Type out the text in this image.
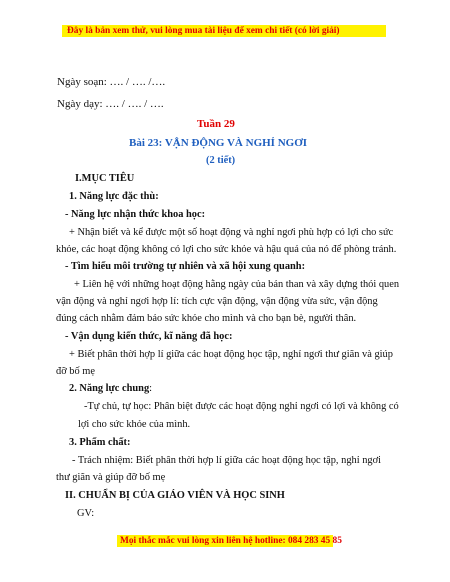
Đây là bản xem thử, vui lòng mua tài liệu để xem chi tiết (có lời giải)
Ngày soạn: …. / …. /….
Ngày dạy: …. / …. / ….
Tuần 29
Bài 23: VẬN ĐỘNG VÀ NGHỈ NGƠI
(2 tiết)
I.MỤC TIÊU
1. Năng lực đặc thù:
- Năng lực nhận thức khoa học:
+ Nhận biết và kể được một số hoạt động và nghỉ ngơi phù hợp có lợi cho sức
khỏe, các hoạt động không có lợi cho sức khỏe và hậu quả của nó để phòng tránh.
- Tìm hiểu môi trường tự nhiên và xã hội xung quanh:
+ Liên hệ với những hoạt động hằng ngày của bản than và xây dựng thói quen
vận động và nghỉ ngơi hợp lí: tích cực vận động, vận động vừa sức, vận động
đúng cách nhằm đảm bảo sức khỏe cho mình và cho bạn bè, người thân.
- Vận dụng kiến thức, kĩ năng đã học:
+ Biết phân thời hợp lí giữa các hoạt động học tập, nghỉ ngơi thư giãn và giúp
đỡ bố mẹ
2. Năng lực chung:
-Tự chủ, tự học: Phân biệt được các hoạt động nghỉ ngơi có lợi và không có
lợi cho sức khỏe của mình.
3. Phẩm chất:
- Trách nhiệm: Biết phân thời hợp lí giữa các hoạt động học tập, nghỉ ngơi
thư giãn và giúp đỡ bố mẹ
II. CHUẨN BỊ CỦA GIÁO VIÊN VÀ HỌC SINH
GV:
Mọi thắc mắc vui lòng xin liên hệ hotline: 084 283 45 85
